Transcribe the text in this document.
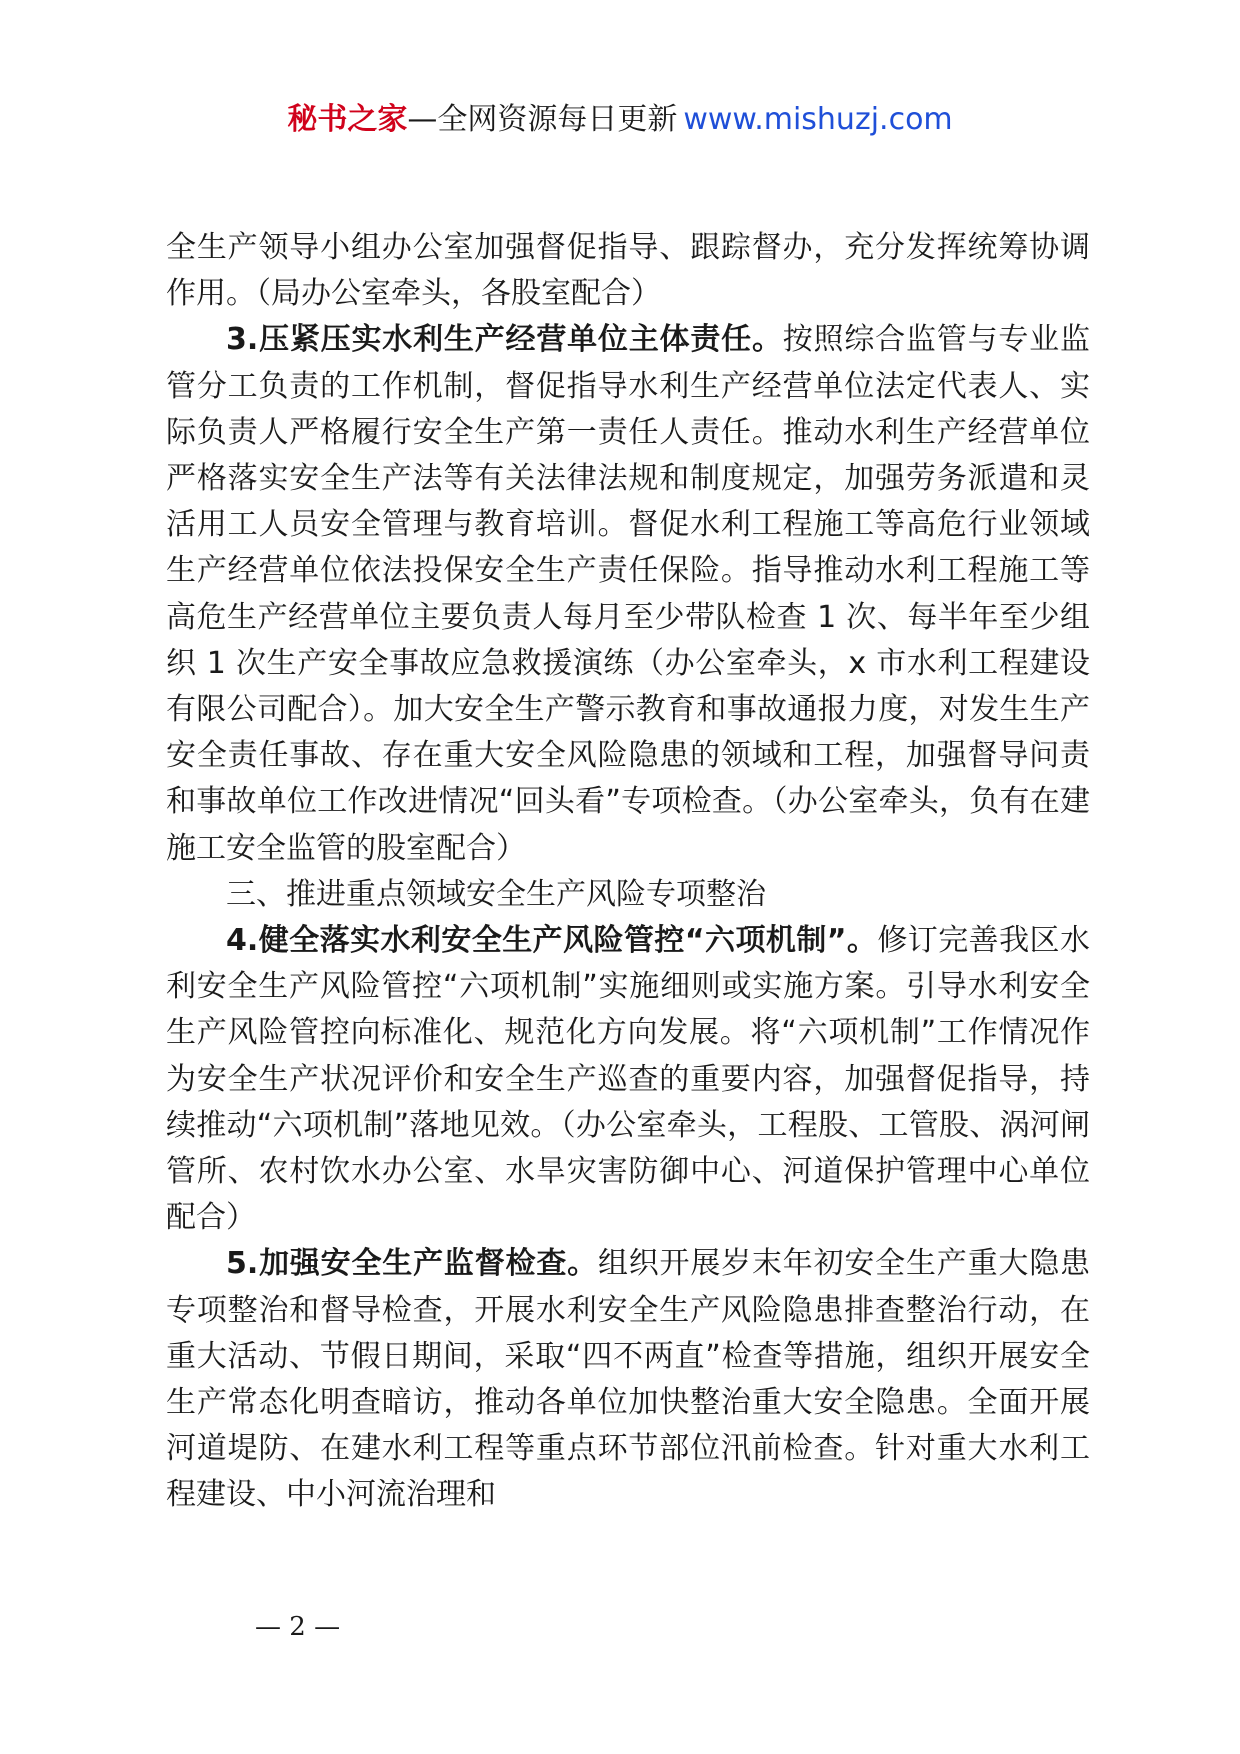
秘书之家—全网资源每日更新 www.mishuzj.com

全生产领导小组办公室加强督促指导、跟踪督办，充分发挥统筹协调作用。（局办公室牵头，各股室配合）

3.压紧压实水利生产经营单位主体责任。按照综合监管与专业监管分工负责的工作机制，督促指导水利生产经营单位法定代表人、实际负责人严格履行安全生产第一责任人责任。推动水利生产经营单位严格落实安全生产法等有关法律法规和制度规定，加强劳务派遣和灵活用工人员安全管理与教育培训。督促水利工程施工等高危行业领域生产经营单位依法投保安全生产责任保险。指导推动水利工程施工等高危生产经营单位主要负责人每月至少带队检查 1 次、每半年至少组织 1 次生产安全事故应急救援演练（办公室牵头，x 市水利工程建设有限公司配合）。加大安全生产警示教育和事故通报力度，对发生生产安全责任事故、存在重大安全风险隐患的领域和工程，加强督导问责和事故单位工作改进情况“回头看”专项检查。（办公室牵头，负有在建施工安全监管的股室配合）

三、推进重点领域安全生产风险专项整治

4.健全落实水利安全生产风险管控“六项机制”。修订完善我区水利安全生产风险管控“六项机制”实施细则或实施方案。引导水利安全生产风险管控向标准化、规范化方向发展。将“六项机制”工作情况作为安全生产状况评价和安全生产巡查的重要内容，加强督促指导，持续推动“六项机制”落地见效。（办公室牵头，工程股、工管股、涡河闸管所、农村饮水办公室、水旱灾害防御中心、河道保护管理中心单位配合）

5.加强安全生产监督检查。组织开展岁末年初安全生产重大隐患专项整治和督导检查，开展水利安全生产风险隐患排查整治行动，在重大活动、节假日期间，采取“四不两直”检查等措施，组织开展安全生产常态化明查暗访，推动各单位加快整治重大安全隐患。全面开展河道堤防、在建水利工程等重点环节部位汛前检查。针对重大水利工程建设、中小河流治理和

— 2 —
